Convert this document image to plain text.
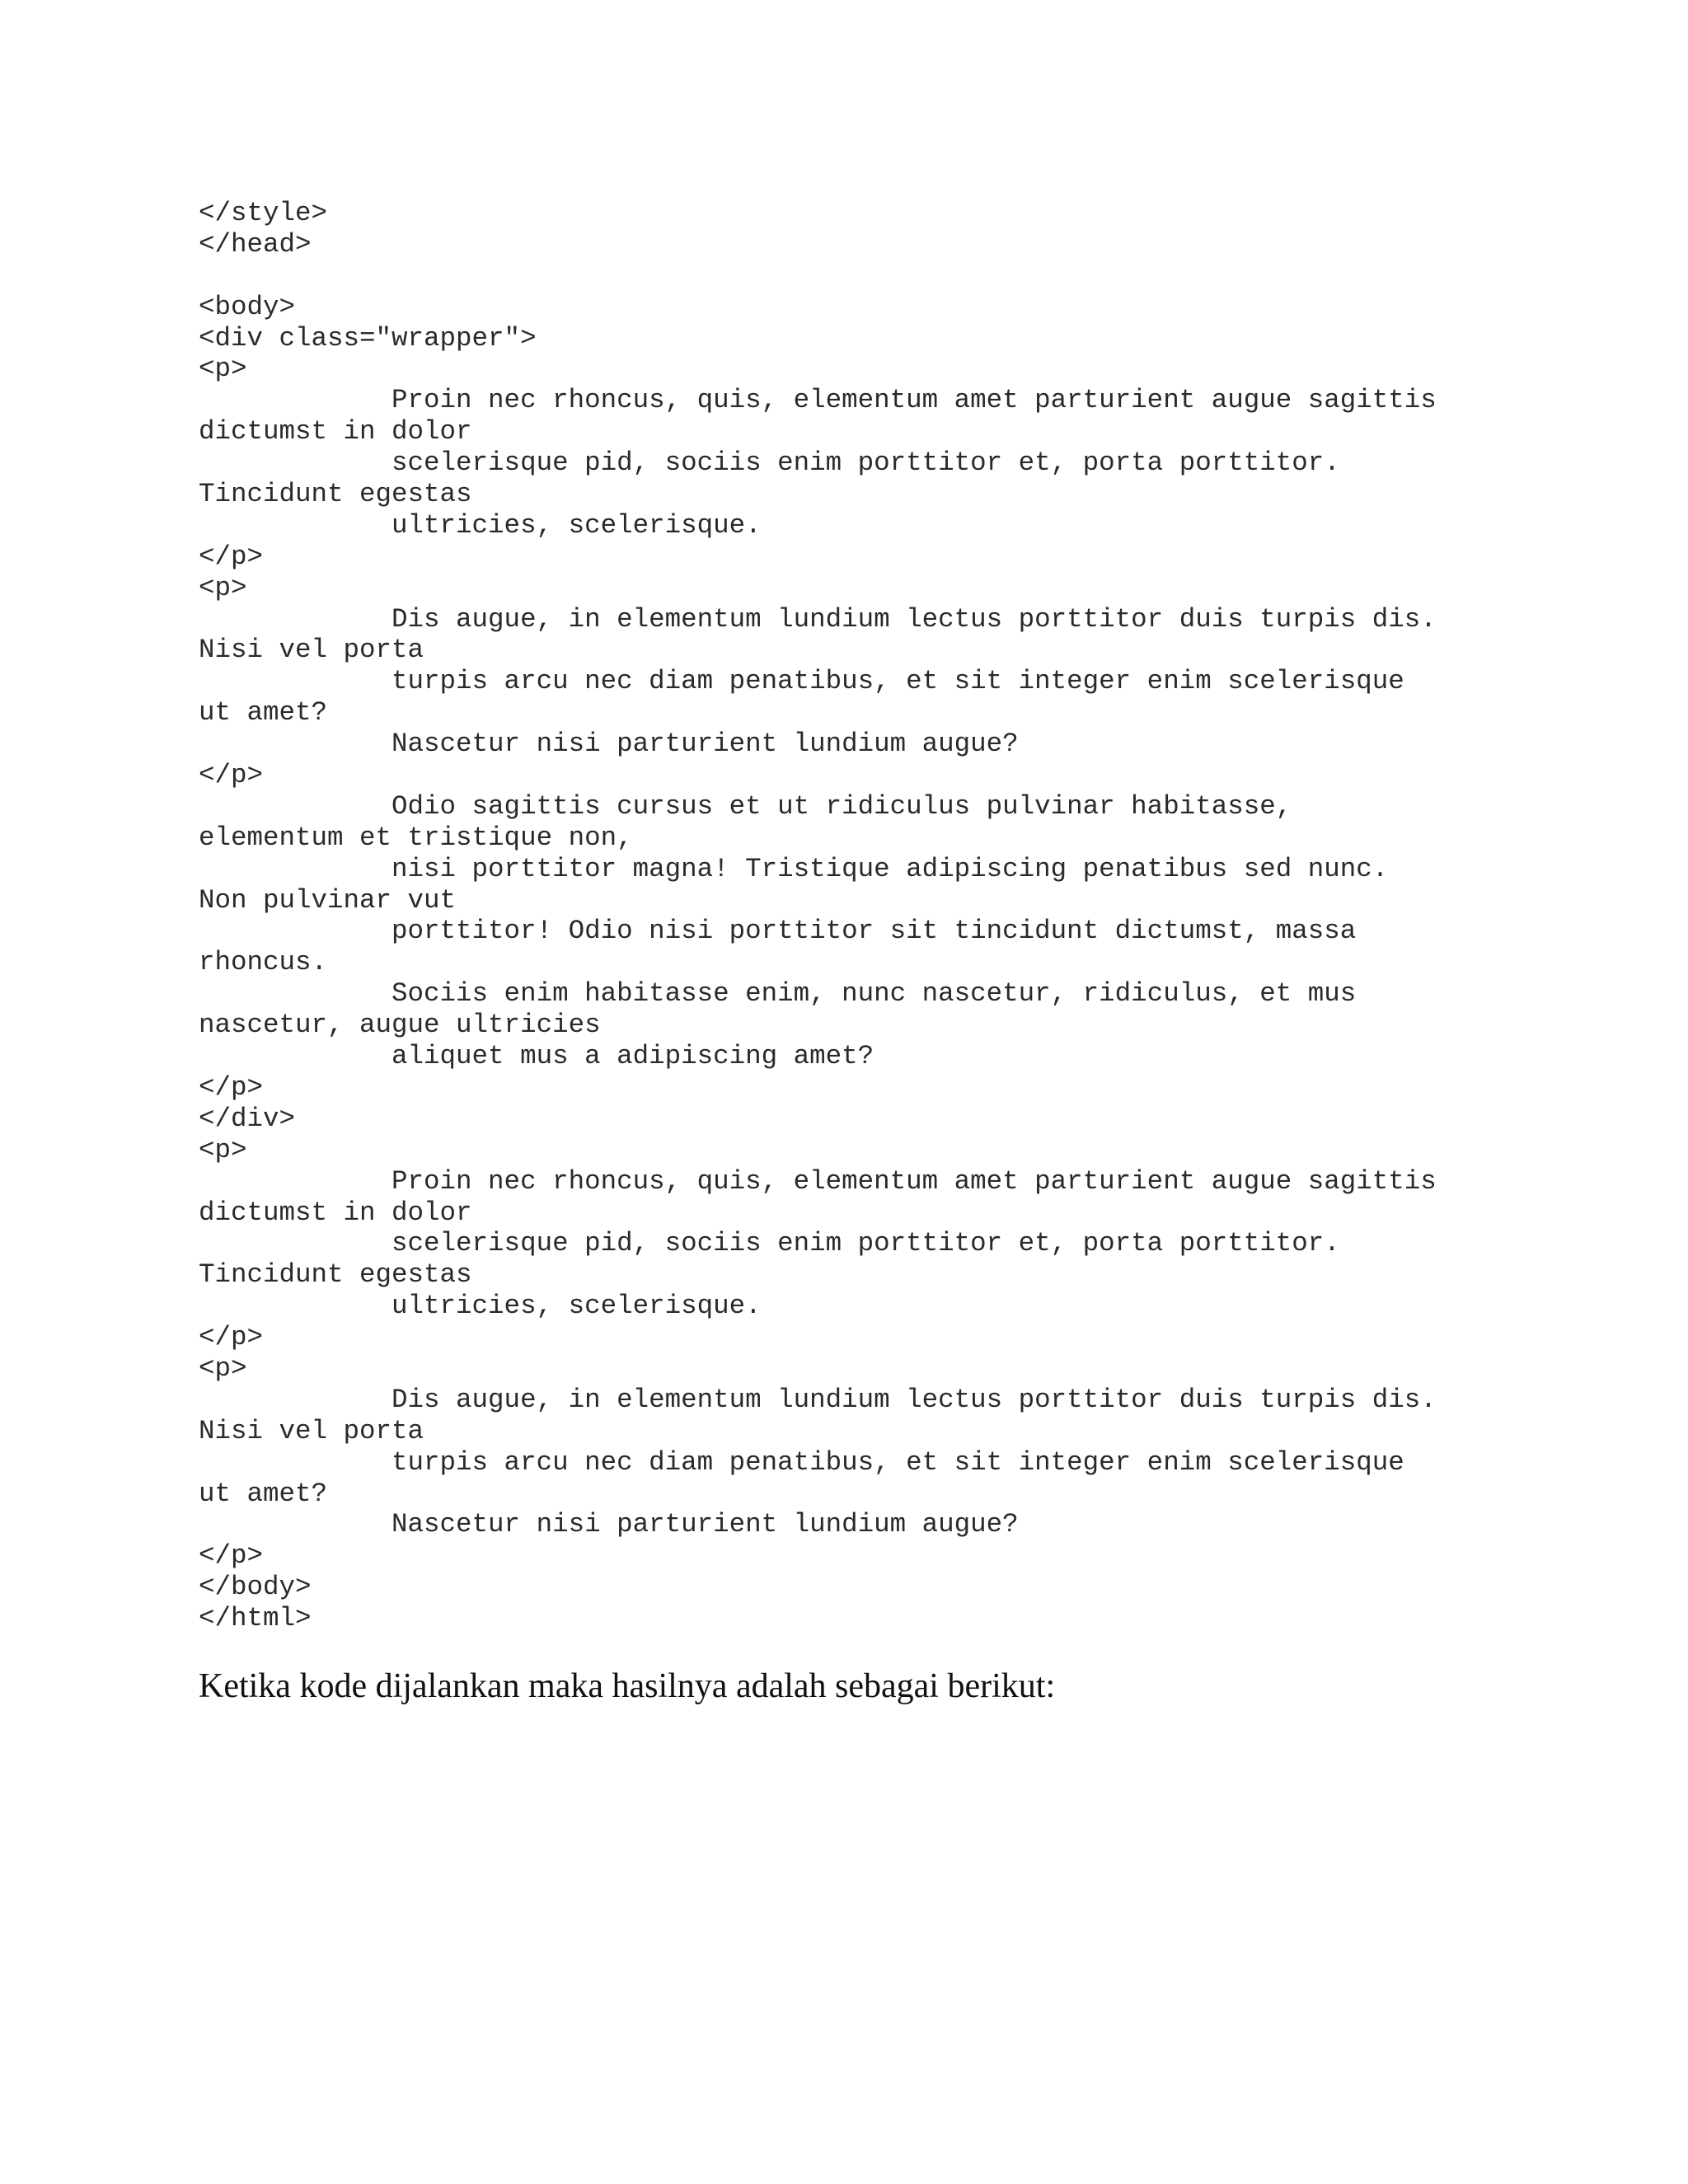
</style>
</head>
<body>
<div class="wrapper">
<p>
Proin nec rhoncus, quis, elementum amet parturient augue sagittis
dictumst in dolor
scelerisque pid, sociis enim porttitor et, porta porttitor.
Tincidunt egestas
ultricies, scelerisque.
</p>
<p>
Dis augue, in elementum lundium lectus porttitor duis turpis dis.
Nisi vel porta
turpis arcu nec diam penatibus, et sit integer enim scelerisque
ut amet?
Nascetur nisi parturient lundium augue?
</p>
Odio sagittis cursus et ut ridiculus pulvinar habitasse,
elementum et tristique non,
nisi porttitor magna! Tristique adipiscing penatibus sed nunc.
Non pulvinar vut
porttitor! Odio nisi porttitor sit tincidunt dictumst, massa
rhoncus.
Sociis enim habitasse enim, nunc nascetur, ridiculus, et mus
nascetur, augue ultricies
aliquet mus a adipiscing amet?
</p>
</div>
<p>
Proin nec rhoncus, quis, elementum amet parturient augue sagittis
dictumst in dolor
scelerisque pid, sociis enim porttitor et, porta porttitor.
Tincidunt egestas
ultricies, scelerisque.
</p>
<p>
Dis augue, in elementum lundium lectus porttitor duis turpis dis.
Nisi vel porta
turpis arcu nec diam penatibus, et sit integer enim scelerisque
ut amet?
Nascetur nisi parturient lundium augue?
</p>
</body>
</html>

Ketika kode dijalankan maka hasilnya adalah sebagai berikut:
